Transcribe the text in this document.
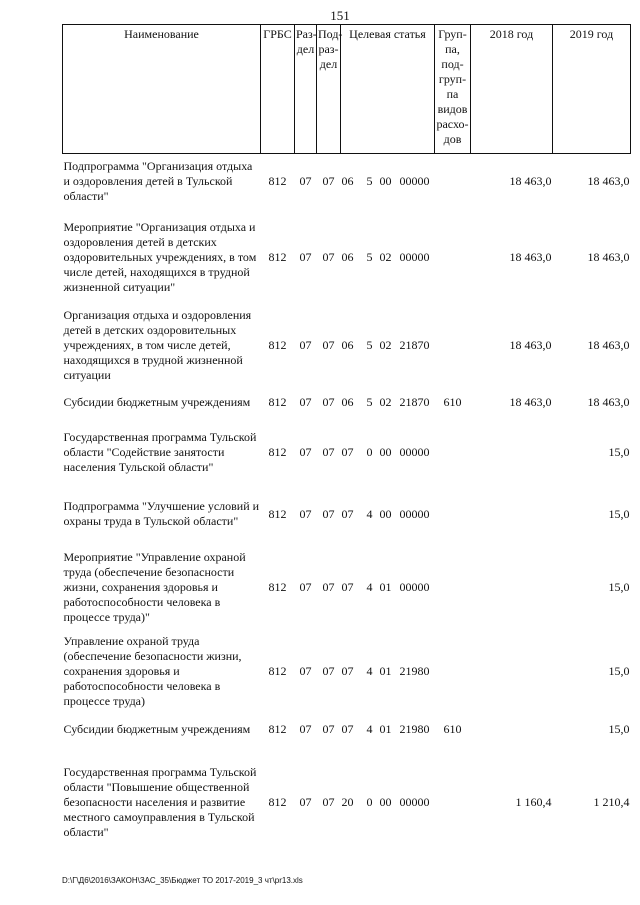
151
Наименование	ГРБС	Раз- дел	Под- раз- дел	Целевая статья	Груп- па, под- груп- па видов расхо- дов	2018 год	2019 год
Подпрограмма "Организация отдыха и оздоровления детей в Тульской области"	812	07	07	06 5 00 00000		18 463,0	18 463,0
Мероприятие "Организация отдыха и оздоровления детей в детских оздоровительных учреждениях, в том числе детей, находящихся в трудной жизненной ситуации"	812	07	07	06 5 02 00000		18 463,0	18 463,0
Организация отдыха и оздоровления детей в детских оздоровительных учреждениях, в том числе детей, находящихся в трудной жизненной ситуации	812	07	07	06 5 02 21870		18 463,0	18 463,0
Субсидии бюджетным учреждениям	812	07	07	06 5 02 21870	610	18 463,0	18 463,0
Государственная программа Тульской области "Содействие занятости населения Тульской области"	812	07	07	07 0 00 00000			15,0
Подпрограмма "Улучшение условий и охраны труда в Тульской области"	812	07	07	07 4 00 00000			15,0
Мероприятие "Управление охраной труда (обеспечение безопасности жизни, сохранения здоровья и работоспособности человека в процессе труда)"	812	07	07	07 4 01 00000			15,0
Управление охраной труда (обеспечение безопасности жизни, сохранения здоровья и работоспособности человека в процессе труда)	812	07	07	07 4 01 21980			15,0
Субсидии бюджетным учреждениям	812	07	07	07 4 01 21980	610		15,0
Государственная программа Тульской области "Повышение общественной безопасности населения и развитие местного самоуправления в Тульской области"	812	07	07	20 0 00 00000		1 160,4	1 210,4
D:\Г\Д6\2016\ЗАКОН\ЗАС_35\Бюджет ТО 2017-2019_3 чт\pr13.xls
